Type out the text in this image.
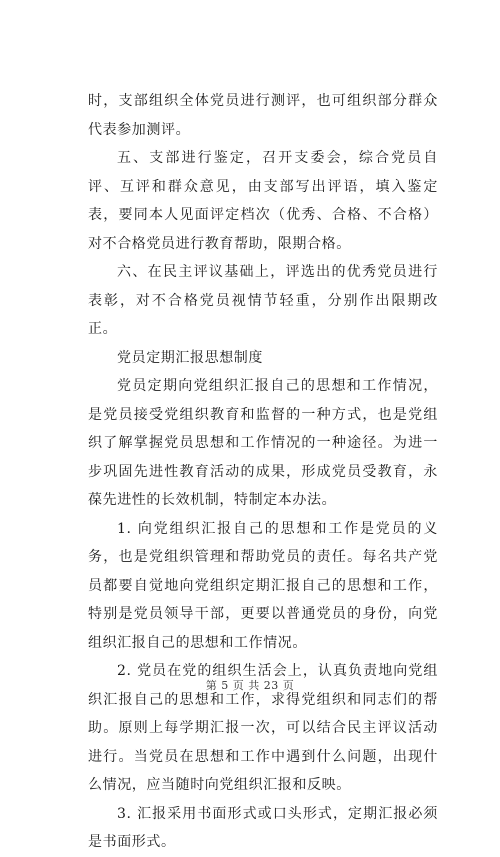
时，支部组织全体党员进行测评，也可组织部分群众代表参加测评。

五、支部进行鉴定，召开支委会，综合党员自评、互评和群众意见，由支部写出评语，填入鉴定表，要同本人见面评定档次（优秀、合格、不合格）对不合格党员进行教育帮助，限期合格。

六、在民主评议基础上，评选出的优秀党员进行表彰，对不合格党员视情节轻重，分别作出限期改正。

党员定期汇报思想制度

党员定期向党组织汇报自己的思想和工作情况，是党员接受党组织教育和监督的一种方式，也是党组织了解掌握党员思想和工作情况的一种途径。为进一步巩固先进性教育活动的成果，形成党员受教育，永葆先进性的长效机制，特制定本办法。

1. 向党组织汇报自己的思想和工作是党员的义务，也是党组织管理和帮助党员的责任。每名共产党员都要自觉地向党组织定期汇报自己的思想和工作，特别是党员领导干部，更要以普通党员的身份，向党组织汇报自己的思想和工作情况。

2. 党员在党的组织生活会上，认真负责地向党组织汇报自己的思想和工作，求得党组织和同志们的帮助。原则上每学期汇报一次，可以结合民主评议活动进行。当党员在思想和工作中遇到什么问题，出现什么情况，应当随时向党组织汇报和反映。

3. 汇报采用书面形式或口头形式，定期汇报必须是书面形式。

第 5 页 共 23 页
